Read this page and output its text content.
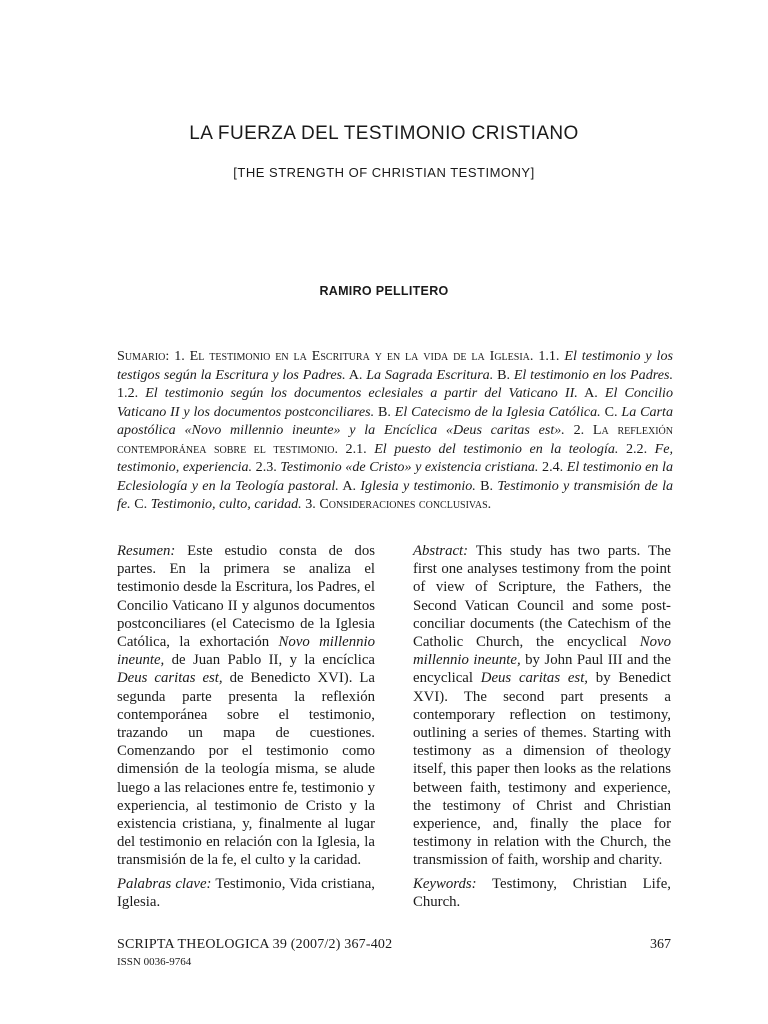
LA FUERZA DEL TESTIMONIO CRISTIANO
[THE STRENGTH OF CHRISTIAN TESTIMONY]
RAMIRO PELLITERO
Sumario: 1. El testimonio en la Escritura y en la vida de la Iglesia. 1.1. El testimonio y los testigos según la Escritura y los Padres. A. La Sagrada Escritura. B. El testimonio en los Padres. 1.2. El testimonio según los documentos eclesiales a partir del Vaticano II. A. El Concilio Vaticano II y los documentos postconciliares. B. El Catecismo de la Iglesia Católica. C. La Carta apostólica «Novo millennio ineunte» y la Encíclica «Deus caritas est». 2. La reflexión contemporánea sobre el testimonio. 2.1. El puesto del testimonio en la teología. 2.2. Fe, testimonio, experiencia. 2.3. Testimonio «de Cristo» y existencia cristiana. 2.4. El testimonio en la Eclesiología y en la Teología pastoral. A. Iglesia y testimonio. B. Testimonio y transmisión de la fe. C. Testimonio, culto, caridad. 3. Consideraciones conclusivas.

Resumen: Este estudio consta de dos partes. En la primera se analiza el testimonio desde la Escritura, los Padres, el Concilio Vaticano II y algunos documentos postconciliares (el Catecismo de la Iglesia Católica, la exhortación Novo millennio ineunte, de Juan Pablo II, y la encíclica Deus caritas est, de Benedicto XVI). La segunda parte presenta la reflexión contemporánea sobre el testimonio, trazando un mapa de cuestiones. Comenzando por el testimonio como dimensión de la teología misma, se alude luego a las relaciones entre fe, testimonio y experiencia, al testimonio de Cristo y la existencia cristiana, y, finalmente al lugar del testimonio en relación con la Iglesia, la transmisión de la fe, el culto y la caridad.

Palabras clave: Testimonio, Vida cristiana, Iglesia.

Abstract: This study has two parts. The first one analyses testimony from the point of view of Scripture, the Fathers, the Second Vatican Council and some post-conciliar documents (the Catechism of the Catholic Church, the encyclical Novo millennio ineunte, by John Paul III and the encyclical Deus caritas est, by Benedict XVI). The second part presents a contemporary reflection on testimony, outlining a series of themes. Starting with testimony as a dimension of theology itself, this paper then looks as the relations between faith, testimony and experience, the testimony of Christ and Christian experience, and, finally the place for testimony in relation with the Church, the transmission of faith, worship and charity.

Keywords: Testimony, Christian Life, Church.

SCRIPTA THEOLOGICA 39 (2007/2) 367-402
ISSN 0036-9764
367
